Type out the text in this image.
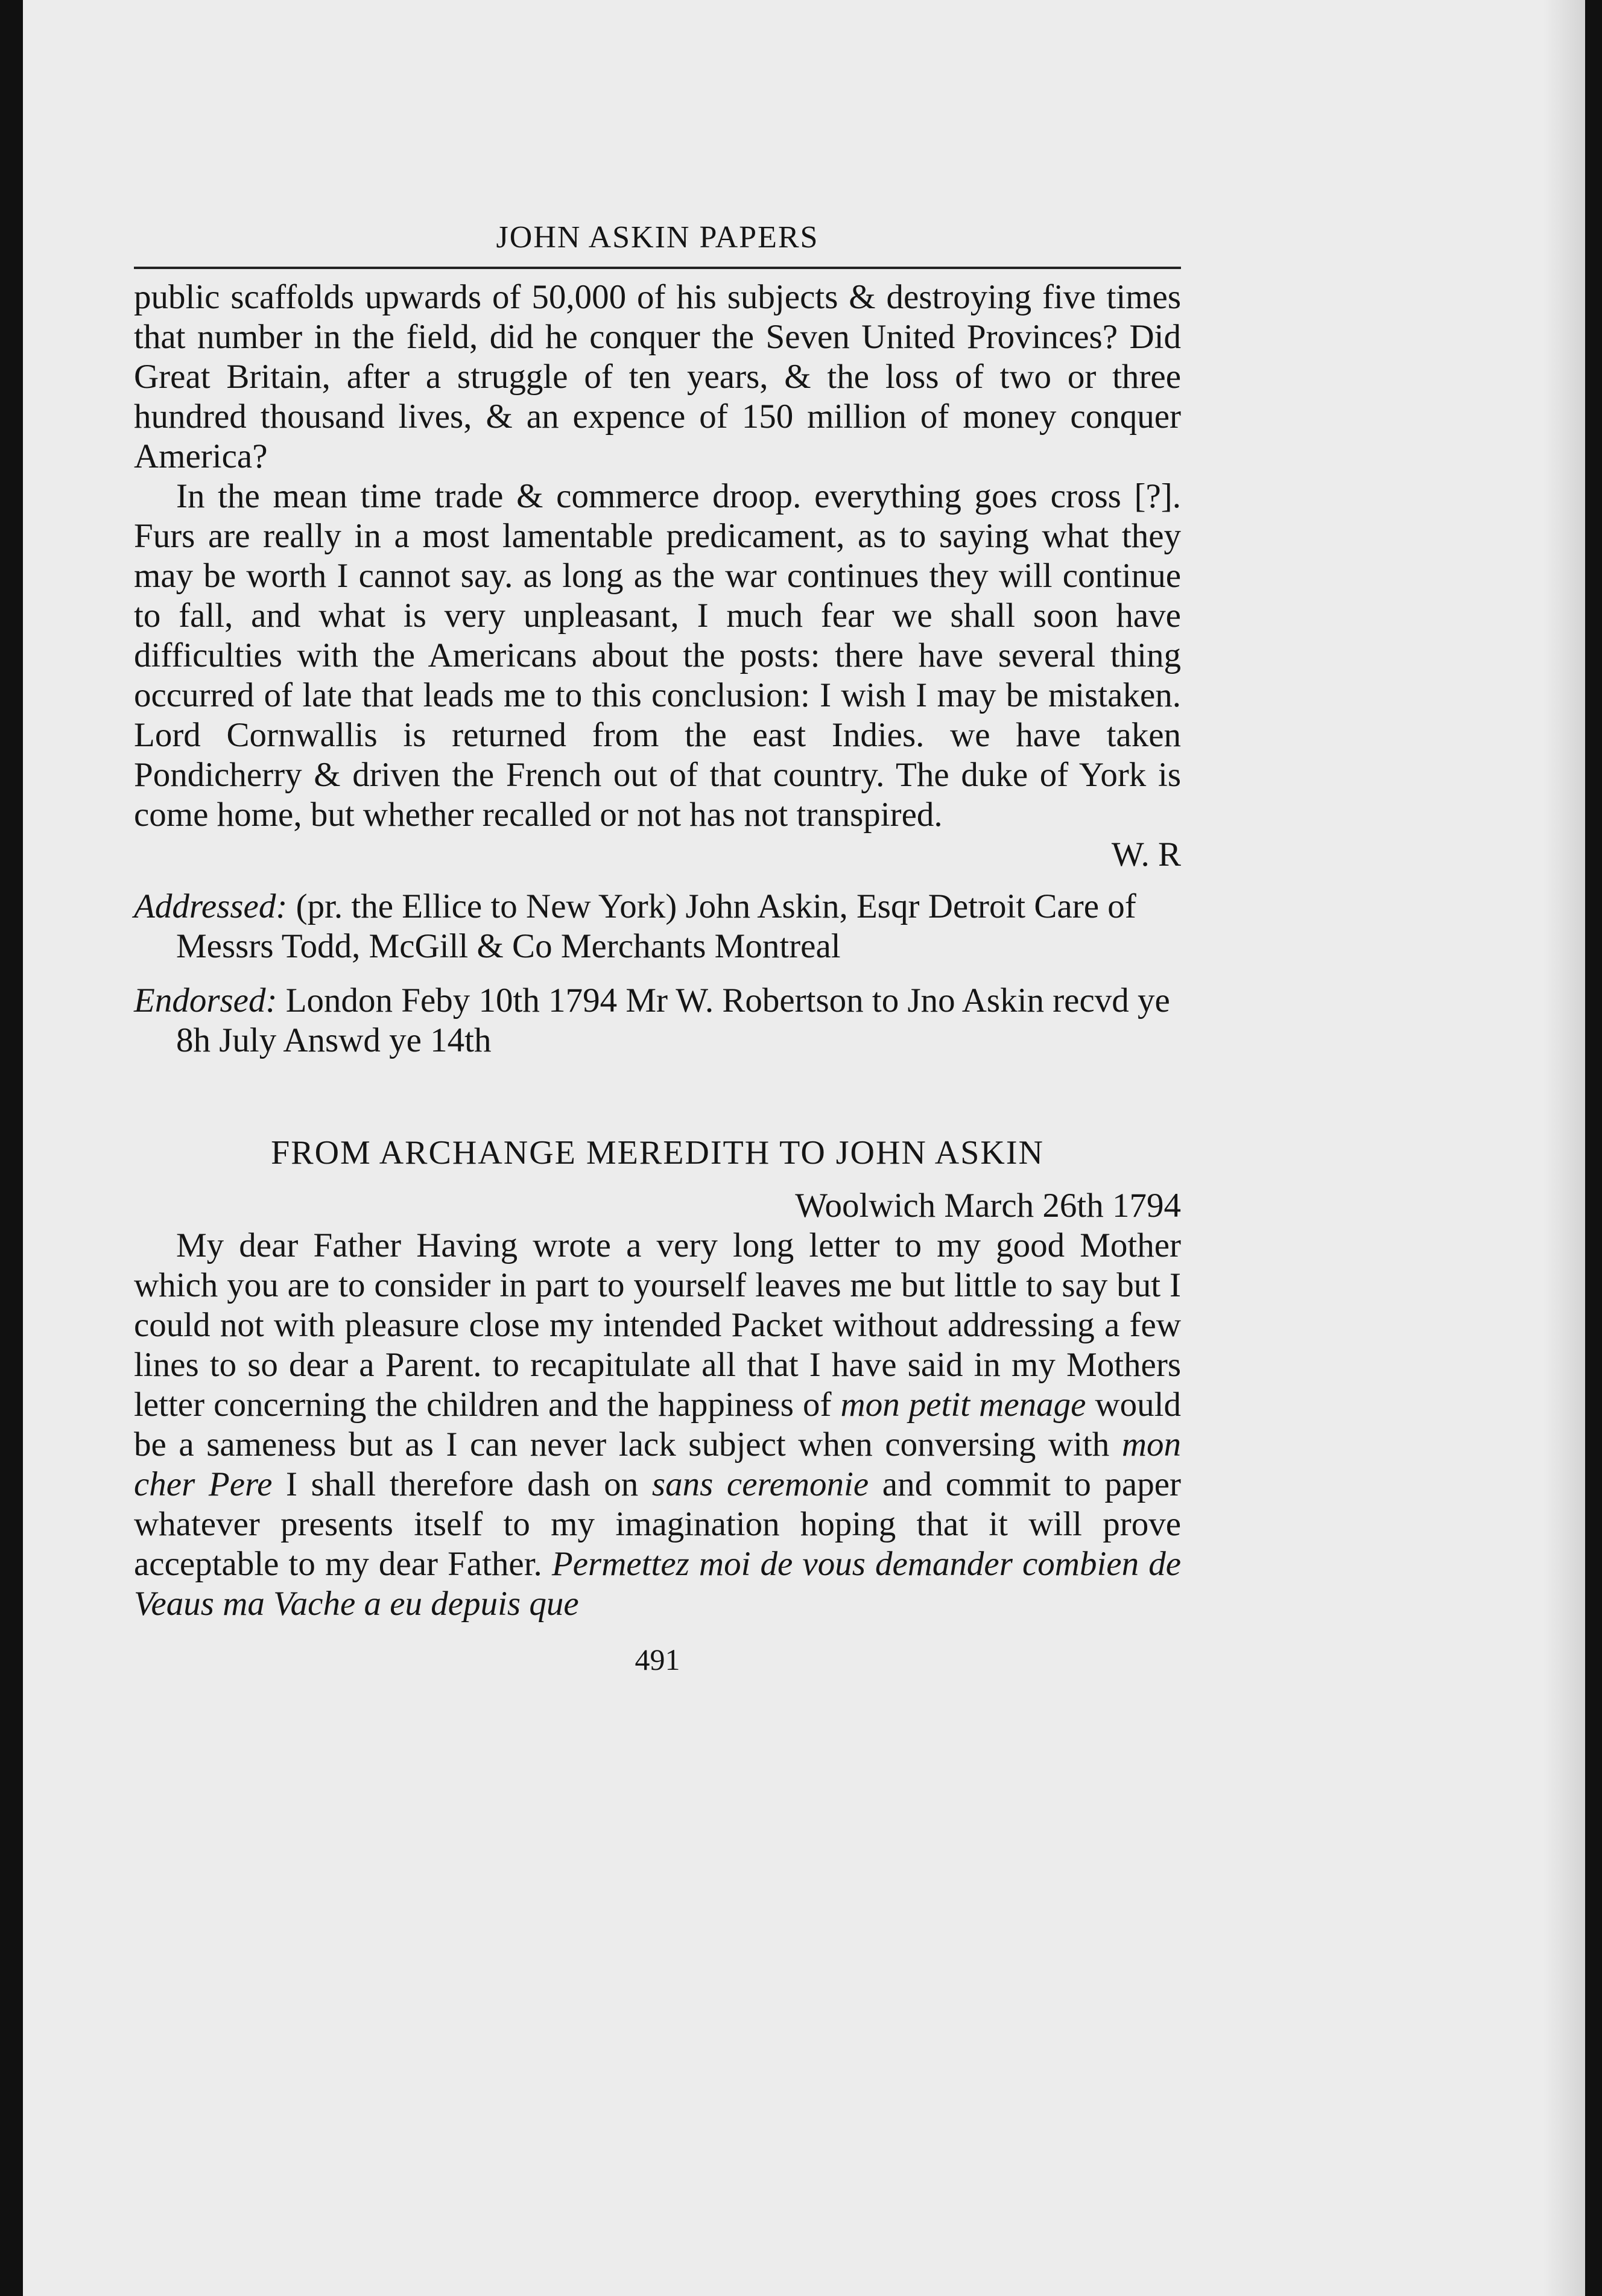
JOHN ASKIN PAPERS

public scaffolds upwards of 50,000 of his subjects & destroying five times that number in the field, did he conquer the Seven United Provinces? Did Great Britain, after a struggle of ten years, & the loss of two or three hundred thousand lives, & an expence of 150 million of money conquer America?

In the mean time trade & commerce droop. everything goes cross [?]. Furs are really in a most lamentable predicament, as to saying what they may be worth I cannot say. as long as the war continues they will continue to fall, and what is very unpleasant, I much fear we shall soon have difficulties with the Americans about the posts: there have several thing occurred of late that leads me to this conclusion: I wish I may be mistaken. Lord Cornwallis is returned from the east Indies. we have taken Pondicherry & driven the French out of that country. The duke of York is come home, but whether recalled or not has not transpired.

W. R

Addressed: (pr. the Ellice to New York) John Askin, Esqr Detroit Care of Messrs Todd, McGill & Co Merchants Montreal

Endorsed: London Feby 10th 1794 Mr W. Robertson to Jno Askin recvd ye 8h July Answd ye 14th

FROM ARCHANGE MEREDITH TO JOHN ASKIN

Woolwich March 26th 1794

My dear Father Having wrote a very long letter to my good Mother which you are to consider in part to yourself leaves me but little to say but I could not with pleasure close my intended Packet without addressing a few lines to so dear a Parent. to recapitulate all that I have said in my Mothers letter concerning the children and the happiness of mon petit menage would be a sameness but as I can never lack subject when conversing with mon cher Pere I shall therefore dash on sans ceremonie and commit to paper whatever presents itself to my imagination hoping that it will prove acceptable to my dear Father. Permettez moi de vous demander combien de Veaus ma Vache a eu depuis que

491
